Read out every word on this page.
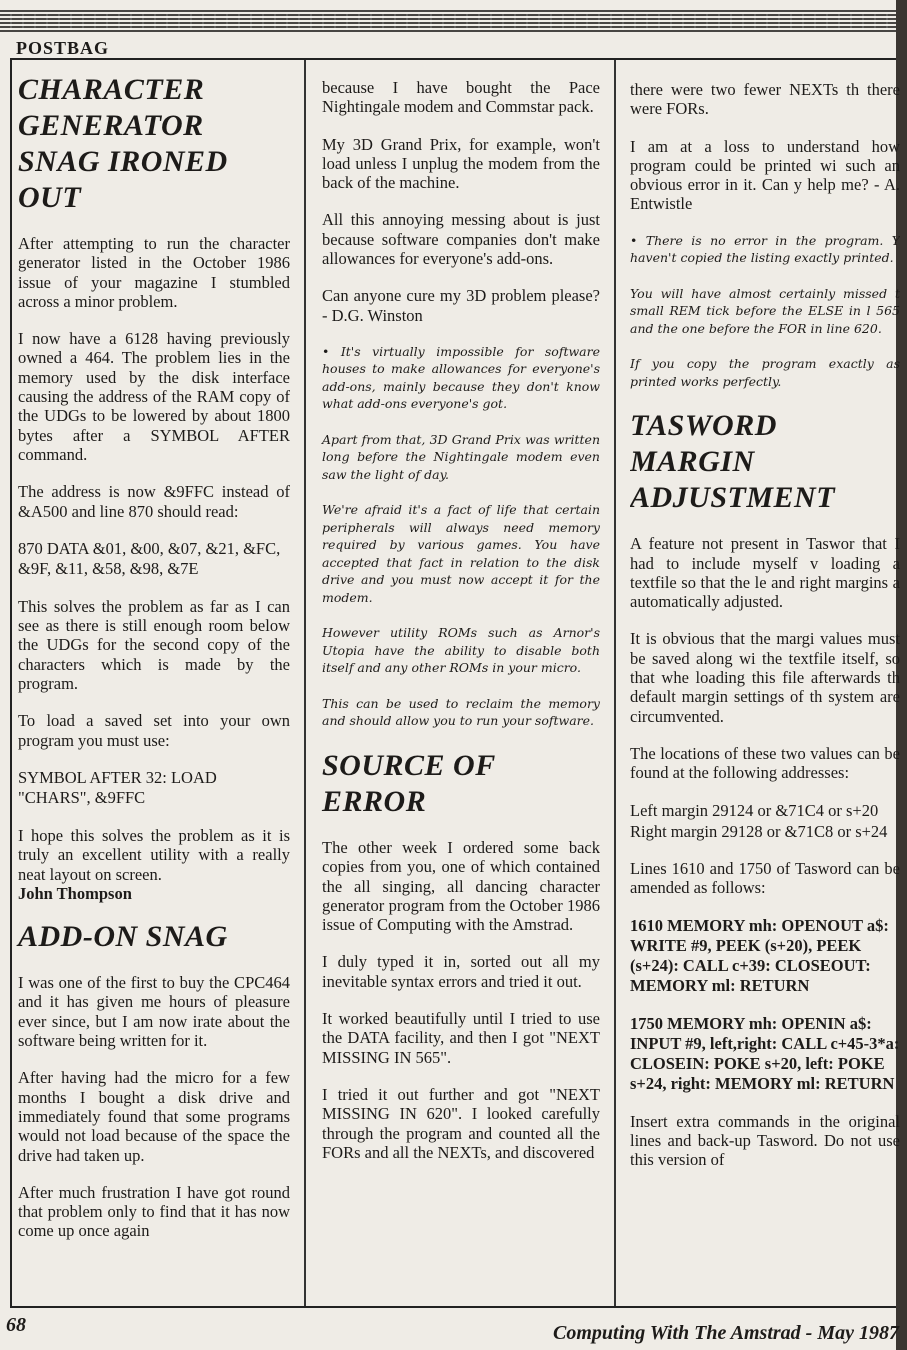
POSTBAG
CHARACTER GENERATOR SNAG IRONED OUT

After attempting to run the character generator listed in the October 1986 issue of your magazine I stumbled across a minor problem.

I now have a 6128 having previously owned a 464. The problem lies in the memory used by the disk interface causing the address of the RAM copy of the UDGs to be lowered by about 1800 bytes after a SYMBOL AFTER command.

The address is now &9FFC instead of &A500 and line 870 should read:

870 DATA &01, &00, &07, &21, &FC, &9F, &11, &58, &98, &7E

This solves the problem as far as I can see as there is still enough room below the UDGs for the second copy of the characters which is made by the program.

To load a saved set into your own program you must use:

SYMBOL AFTER 32: LOAD "CHARS", &9FFC

I hope this solves the problem as it is truly an excellent utility with a really neat layout on screen.

John Thompson

ADD-ON SNAG

I was one of the first to buy the CPC464 and it has given me hours of pleasure ever since, but I am now irate about the software being written for it.

After having had the micro for a few months I bought a disk drive and immediately found that some programs would not load because of the space the drive had taken up.

After much frustration I have got round that problem only to find that it has now come up once again

because I have bought the Pace Nightingale modem and Commstar pack.

My 3D Grand Prix, for example, won't load unless I unplug the modem from the back of the machine.

All this annoying messing about is just because software companies don't make allowances for everyone's add-ons.

Can anyone cure my 3D problem please? - D.G. Winston

• It's virtually impossible for software houses to make allowances for everyone's add-ons, mainly because they don't know what add-ons everyone's got.

Apart from that, 3D Grand Prix was written long before the Nightingale modem even saw the light of day.

We're afraid it's a fact of life that certain peripherals will always need memory required by various games. You have accepted that fact in relation to the disk drive and you must now accept it for the modem.

However utility ROMs such as Arnor's Utopia have the ability to disable both itself and any other ROMs in your micro.

This can be used to reclaim the memory and should allow you to run your software.

SOURCE OF ERROR

The other week I ordered some back copies from you, one of which contained the all singing, all dancing character generator program from the October 1986 issue of Computing with the Amstrad.

I duly typed it in, sorted out all my inevitable syntax errors and tried it out.

It worked beautifully until I tried to use the DATA facility, and then I got "NEXT MISSING IN 565".

I tried it out further and got "NEXT MISSING IN 620". I looked carefully through the program and counted all the FORs and all the NEXTs, and discovered

there were two fewer NEXTs th there were FORs.

I am at a loss to understand how program could be printed wi such an obvious error in it. Can y help me? - A. Entwistle

• There is no error in the program. Y haven't copied the listing exactly printed.

You will have almost certainly missed t small REM tick before the ELSE in l 565 and the one before the FOR in line 620.

If you copy the program exactly as printed works perfectly.

TASWORD MARGIN ADJUSTMENT

A feature not present in Taswor that I had to include myself v loading a textfile so that the le and right margins a automatically adjusted.

It is obvious that the margi values must be saved along wi the textfile itself, so that whe loading this file afterwards th default margin settings of th system are circumvented.

The locations of these two values can be found at the following addresses:

Left margin 29124 or &71C4 or s+20

Right margin 29128 or &71C8 or s+24

Lines 1610 and 1750 of Tasword can be amended as follows:

1610 MEMORY mh: OPENOUT a$: WRITE #9, PEEK (s+20), PEEK (s+24): CALL c+39: CLOSEOUT: MEMORY ml: RETURN
1750 MEMORY mh: OPENIN a$: INPUT #9, left,right: CALL c+45-3*a: CLOSEIN: POKE s+20, left: POKE s+24, right: MEMORY ml: RETURN

Insert extra commands in the original lines and back-up Tasword. Do not use this version of

68	Computing With The Amstrad - May 1987
